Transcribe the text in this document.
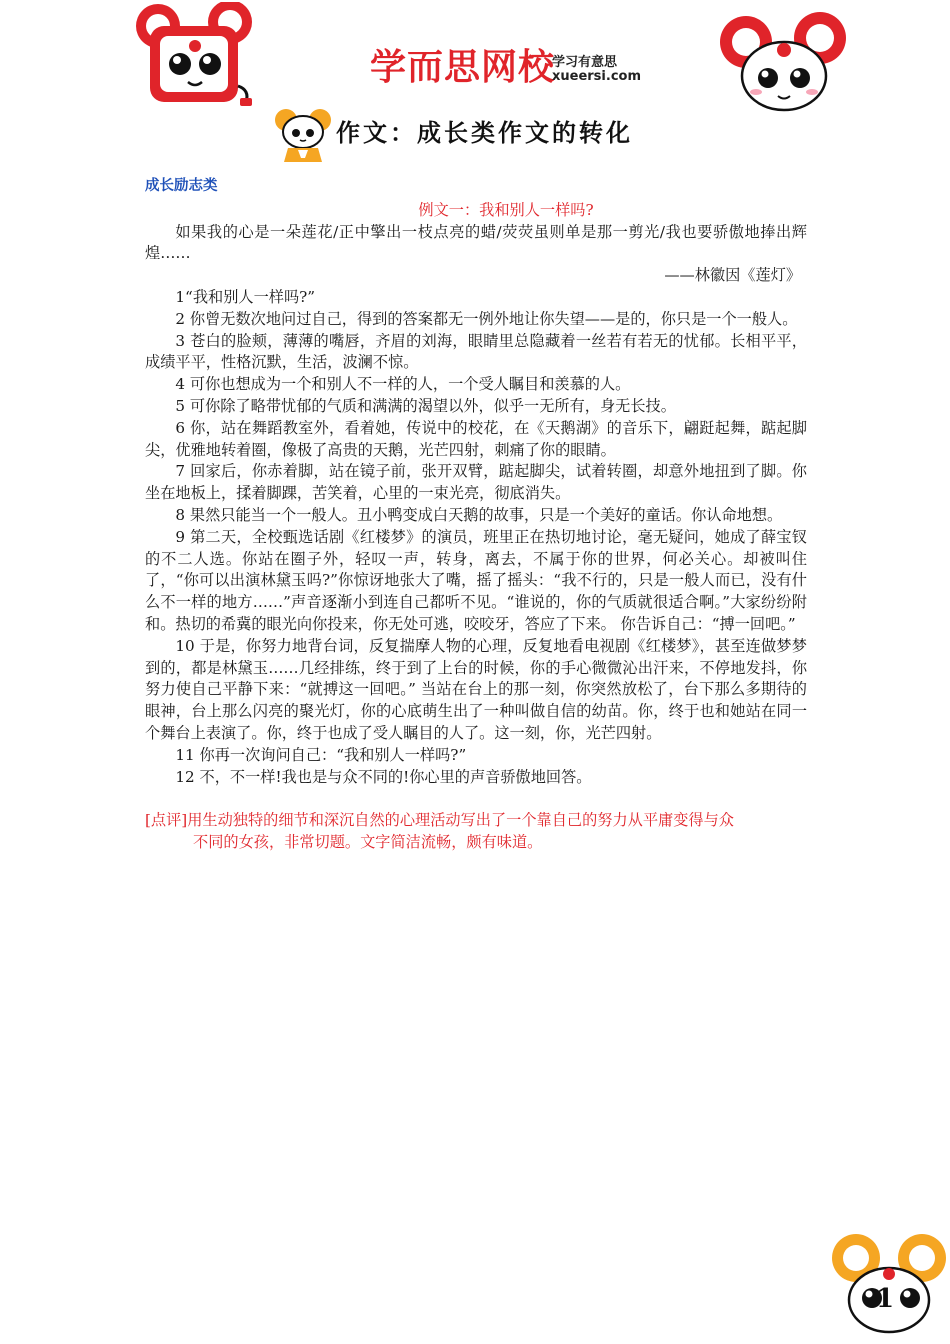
学而思网校
学习有意思
xueersi.com
作文：成长类作文的转化

成长励志类

例文一：我和别人一样吗?

如果我的心是一朵莲花/正中擎出一枝点亮的蜡/荧荧虽则单是那一剪光/我也要骄傲地捧出辉煌……

——林徽因《莲灯》

1“我和别人一样吗?”

2 你曾无数次地问过自己，得到的答案都无一例外地让你失望——是的，你只是一个一般人。

3 苍白的脸颊，薄薄的嘴唇，齐眉的刘海，眼睛里总隐藏着一丝若有若无的忧郁。长相平平，成绩平平，性格沉默，生活，波澜不惊。

4 可你也想成为一个和别人不一样的人，一个受人瞩目和羡慕的人。

5 可你除了略带忧郁的气质和满满的渴望以外，似乎一无所有，身无长技。

6 你，站在舞蹈教室外，看着她，传说中的校花，在《天鹅湖》的音乐下，翩跹起舞，踮起脚尖，优雅地转着圈，像极了高贵的天鹅，光芒四射，刺痛了你的眼睛。

7 回家后，你赤着脚，站在镜子前，张开双臂，踮起脚尖，试着转圈，却意外地扭到了脚。你坐在地板上，揉着脚踝，苦笑着，心里的一束光亮，彻底消失。

8 果然只能当一个一般人。丑小鸭变成白天鹅的故事，只是一个美好的童话。你认命地想。

9 第二天，全校甄选话剧《红楼梦》的演员，班里正在热切地讨论，毫无疑问，她成了薛宝钗的不二人选。你站在圈子外，轻叹一声，转身，离去，不属于你的世界，何必关心。却被叫住了，“你可以出演林黛玉吗?”你惊讶地张大了嘴，摇了摇头：“我不行的，只是一般人而已，没有什么不一样的地方……”声音逐渐小到连自己都听不见。“谁说的，你的气质就很适合啊。”大家纷纷附和。热切的希冀的眼光向你投来，你无处可逃，咬咬牙，答应了下来。 你告诉自己：“搏一回吧。”

10 于是，你努力地背台词，反复揣摩人物的心理，反复地看电视剧《红楼梦》，甚至连做梦梦到的，都是林黛玉……几经排练，终于到了上台的时候，你的手心微微沁出汗来，不停地发抖，你努力使自己平静下来：“就搏这一回吧。” 当站在台上的那一刻，你突然放松了，台下那么多期待的眼神，台上那么闪亮的聚光灯，你的心底萌生出了一种叫做自信的幼苗。你，终于也和她站在同一个舞台上表演了。你，终于也成了受人瞩目的人了。这一刻，你，光芒四射。

11 你再一次询问自己：“我和别人一样吗?”

12 不，不一样!我也是与众不同的!你心里的声音骄傲地回答。

[点评]用生动独特的细节和深沉自然的心理活动写出了一个靠自己的努力从平庸变得与众

不同的女孩，非常切题。文字简洁流畅，颇有味道。

1
